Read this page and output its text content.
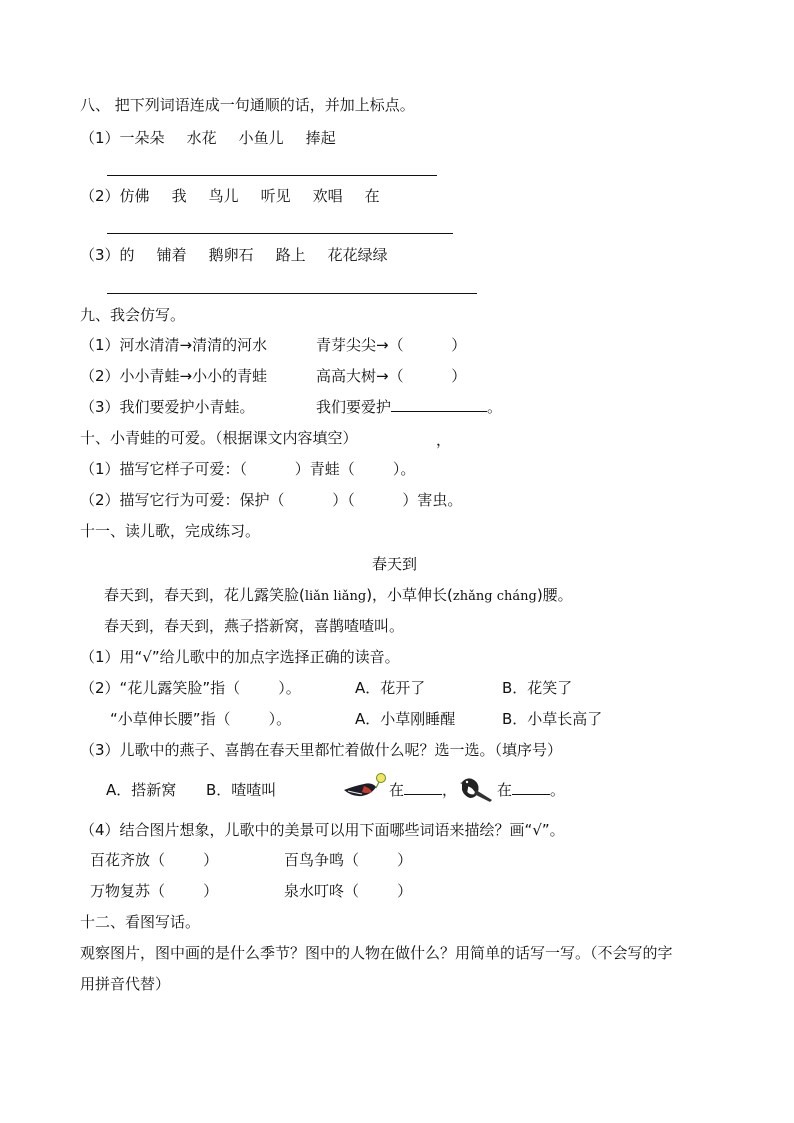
八、 把下列词语连成一句通顺的话，并加上标点。
（1）一朵朵 水花 小鱼儿 捧起
（2）仿佛 我 鸟儿 听见 欢唱 在
（3）的 铺着 鹅卵石 路上 花花绿绿
九、我会仿写。
（1）河水清清→清清的河水	青芽尖尖→（          ）
（2）小小青蛙→小小的青蛙	高高大树→（          ）
（3）我们要爱护小青蛙。	我们要爱护	。
十、小青蛙的可爱。（根据课文内容填空）	，
（1）描写它样子可爱：（          ）青蛙（        ）。
（2）描写它行为可爱：保护（          ）（          ）害虫。
十一、读儿歌，完成练习。
春天到
春天到，春天到，花儿露笑脸(liǎn liǎng)，小草伸长(zhǎng cháng)腰。
春天到，春天到，燕子搭新窝，喜鹊喳喳叫。
（1）用“√”给儿歌中的加点字选择正确的读音。
（2）“花儿露笑脸”指（        ）。	A．花开了	B．花笑了
“小草伸长腰”指（        ）。	A．小草刚睡醒	B．小草长高了
（3）儿歌中的燕子、喜鹊在春天里都忙着做什么呢？选一选。（填序号）
A．搭新窝 B．喳喳叫	在	，	在	。
（4）结合图片想象，儿歌中的美景可以用下面哪些词语来描绘？画“√”。
百花齐放（        ）	百鸟争鸣（        ）
万物复苏（        ）	泉水叮咚（        ）
十二、看图写话。
观察图片，图中画的是什么季节？图中的人物在做什么？用简单的话写一写。（不会写的字
用拼音代替）
